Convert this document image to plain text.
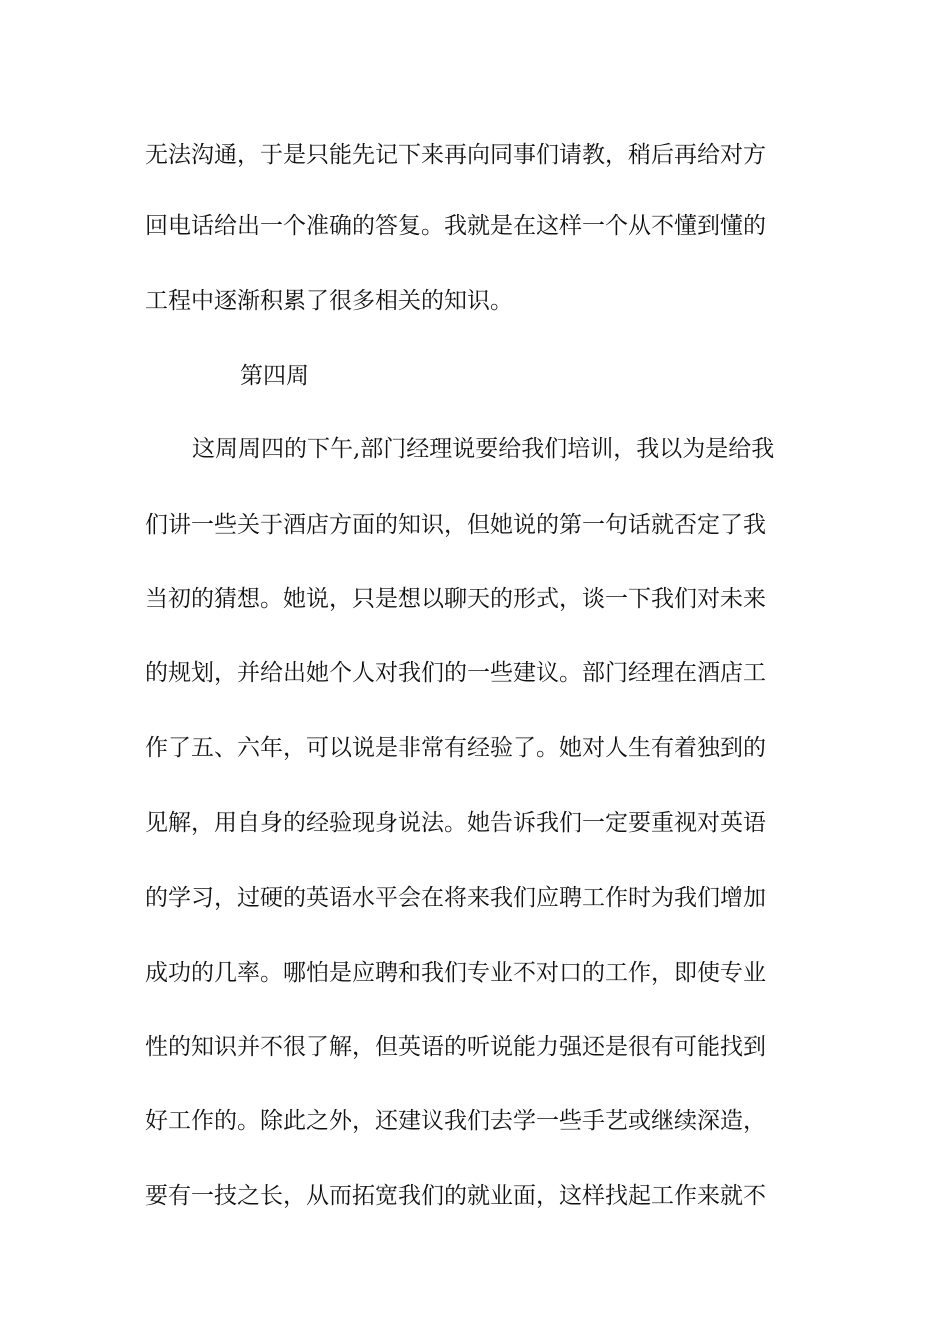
无法沟通，于是只能先记下来再向同事们请教，稍后再给对方
回电话给出一个准确的答复。我就是在这样一个从不懂到懂的
工程中逐渐积累了很多相关的知识。
第四周
这周周四的下午,部门经理说要给我们培训，我以为是给我
们讲一些关于酒店方面的知识，但她说的第一句话就否定了我
当初的猜想。她说，只是想以聊天的形式，谈一下我们对未来
的规划，并给出她个人对我们的一些建议。部门经理在酒店工
作了五、六年，可以说是非常有经验了。她对人生有着独到的
见解，用自身的经验现身说法。她告诉我们一定要重视对英语
的学习，过硬的英语水平会在将来我们应聘工作时为我们增加
成功的几率。哪怕是应聘和我们专业不对口的工作，即使专业
性的知识并不很了解，但英语的听说能力强还是很有可能找到
好工作的。除此之外，还建议我们去学一些手艺或继续深造，
要有一技之长，从而拓宽我们的就业面，这样找起工作来就不
